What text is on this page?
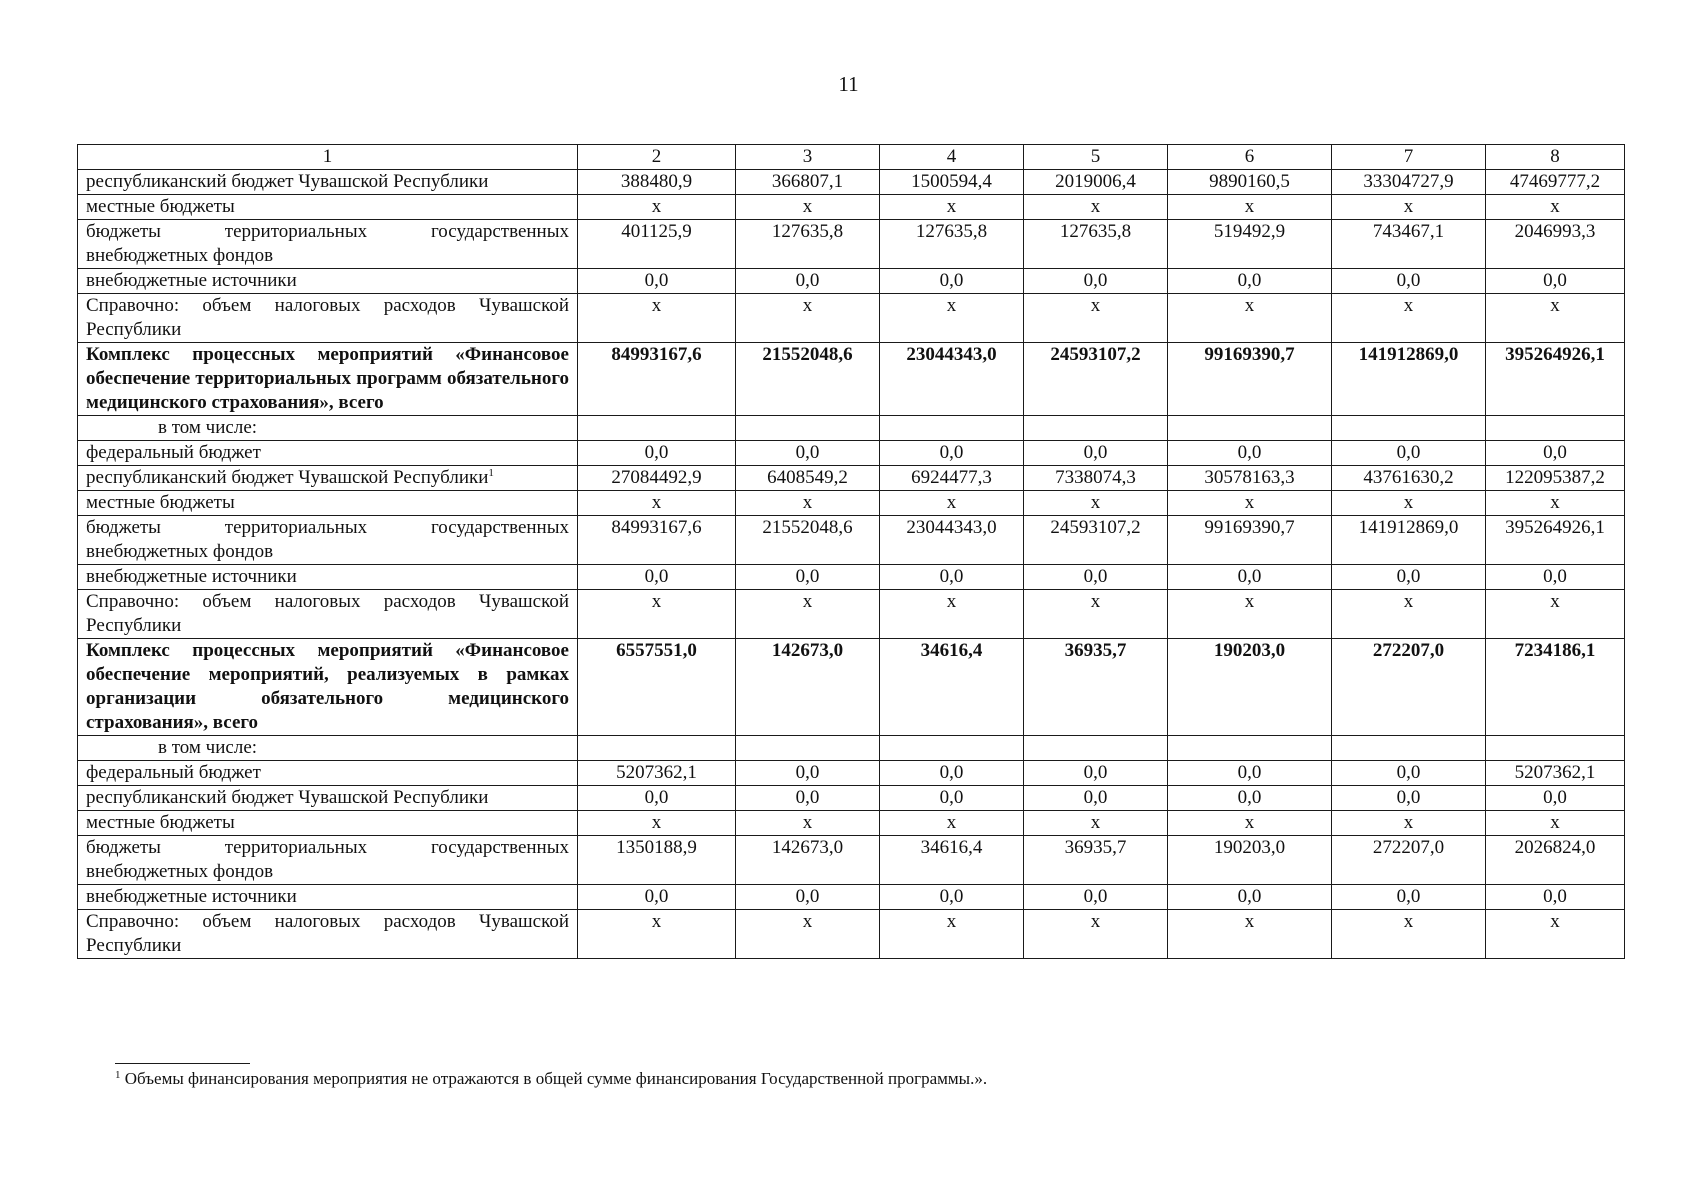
11
1	2	3	4	5	6	7	8
республиканский бюджет Чувашской Республики	388480,9	366807,1	1500594,4	2019006,4	9890160,5	33304727,9	47469777,2
местные бюджеты	x	x	x	x	x	x	x
бюджеты территориальных государственных внебюджетных фондов	401125,9	127635,8	127635,8	127635,8	519492,9	743467,1	2046993,3
внебюджетные источники	0,0	0,0	0,0	0,0	0,0	0,0	0,0
Справочно: объем налоговых расходов Чувашской Республики	x	x	x	x	x	x	x
Комплекс процессных мероприятий «Финансовое обеспечение территориальных программ обязательного медицинского страхования», всего	84993167,6	21552048,6	23044343,0	24593107,2	99169390,7	141912869,0	395264926,1
в том числе:							
федеральный бюджет	0,0	0,0	0,0	0,0	0,0	0,0	0,0
республиканский бюджет Чувашской Республики$^1$	27084492,9	6408549,2	6924477,3	7338074,3	30578163,3	43761630,2	122095387,2
местные бюджеты	x	x	x	x	x	x	x
бюджеты территориальных государственных внебюджетных фондов	84993167,6	21552048,6	23044343,0	24593107,2	99169390,7	141912869,0	395264926,1
внебюджетные источники	0,0	0,0	0,0	0,0	0,0	0,0	0,0
Справочно: объем налоговых расходов Чувашской Республики	x	x	x	x	x	x	x
Комплекс процессных мероприятий «Финансовое обеспечение мероприятий, реализуемых в рамках организации обязательного медицинского страхования», всего	6557551,0	142673,0	34616,4	36935,7	190203,0	272207,0	7234186,1
в том числе:							
федеральный бюджет	5207362,1	0,0	0,0	0,0	0,0	0,0	5207362,1
республиканский бюджет Чувашской Республики	0,0	0,0	0,0	0,0	0,0	0,0	0,0
местные бюджеты	x	x	x	x	x	x	x
бюджеты территориальных государственных внебюджетных фондов	1350188,9	142673,0	34616,4	36935,7	190203,0	272207,0	2026824,0
внебюджетные источники	0,0	0,0	0,0	0,0	0,0	0,0	0,0
Справочно: объем налоговых расходов Чувашской Республики	x	x	x	x	x	x	x
$^1$ Объемы финансирования мероприятия не отражаются в общей сумме финансирования Государственной программы.».
